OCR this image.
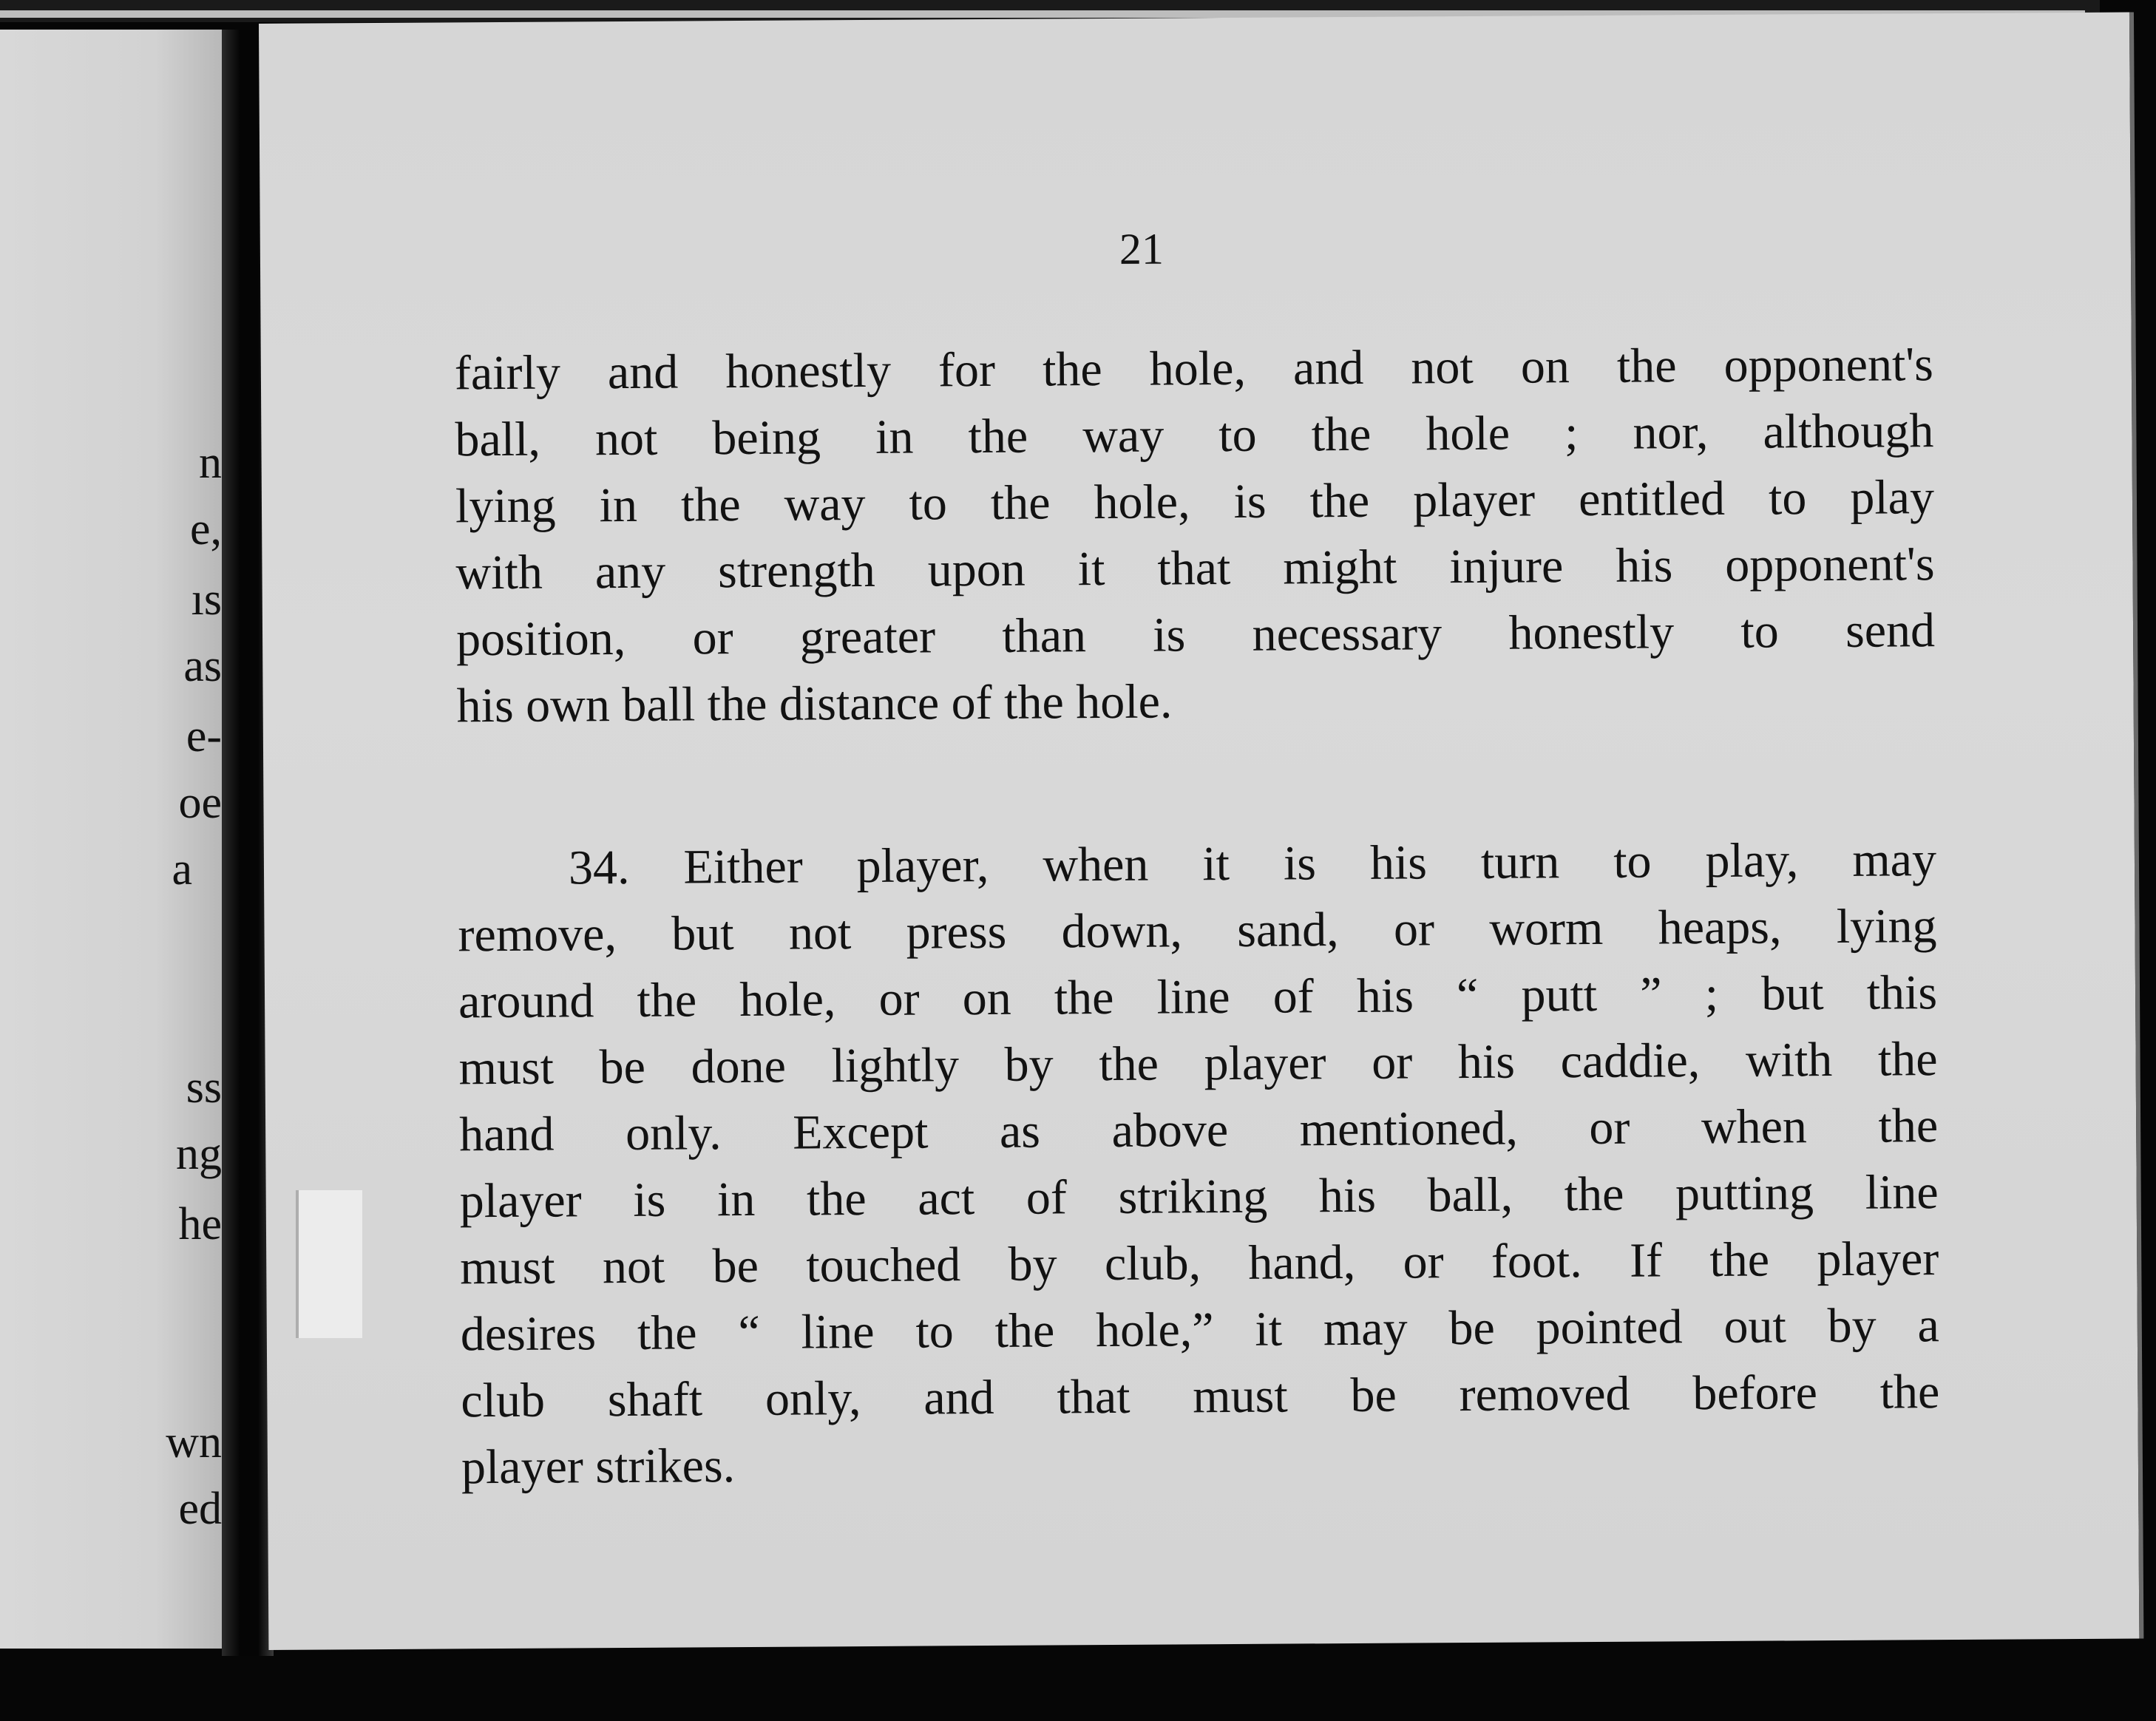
n
e,
ıs
as
e-
oe
a
ss
ng
he
wn
ed
21
fairly and honestly for the hole, and not on the opponent's
ball, not being in the way to the hole ; nor, although
lying in the way to the hole, is the player entitled to play
with any strength upon it that might injure his opponent's
position, or greater than is necessary honestly to send
his own ball the distance of the hole.
34. Either player, when it is his turn to play, may
remove, but not press down, sand, or worm heaps, lying
around the hole, or on the line of his “ putt ” ; but this
must be done lightly by the player or his caddie, with the
hand only. Except as above mentioned, or when the
player is in the act of striking his ball, the putting line
must not be touched by club, hand, or foot. If the player
desires the “ line to the hole,” it may be pointed out by a
club shaft only, and that must be removed before the
player strikes.
